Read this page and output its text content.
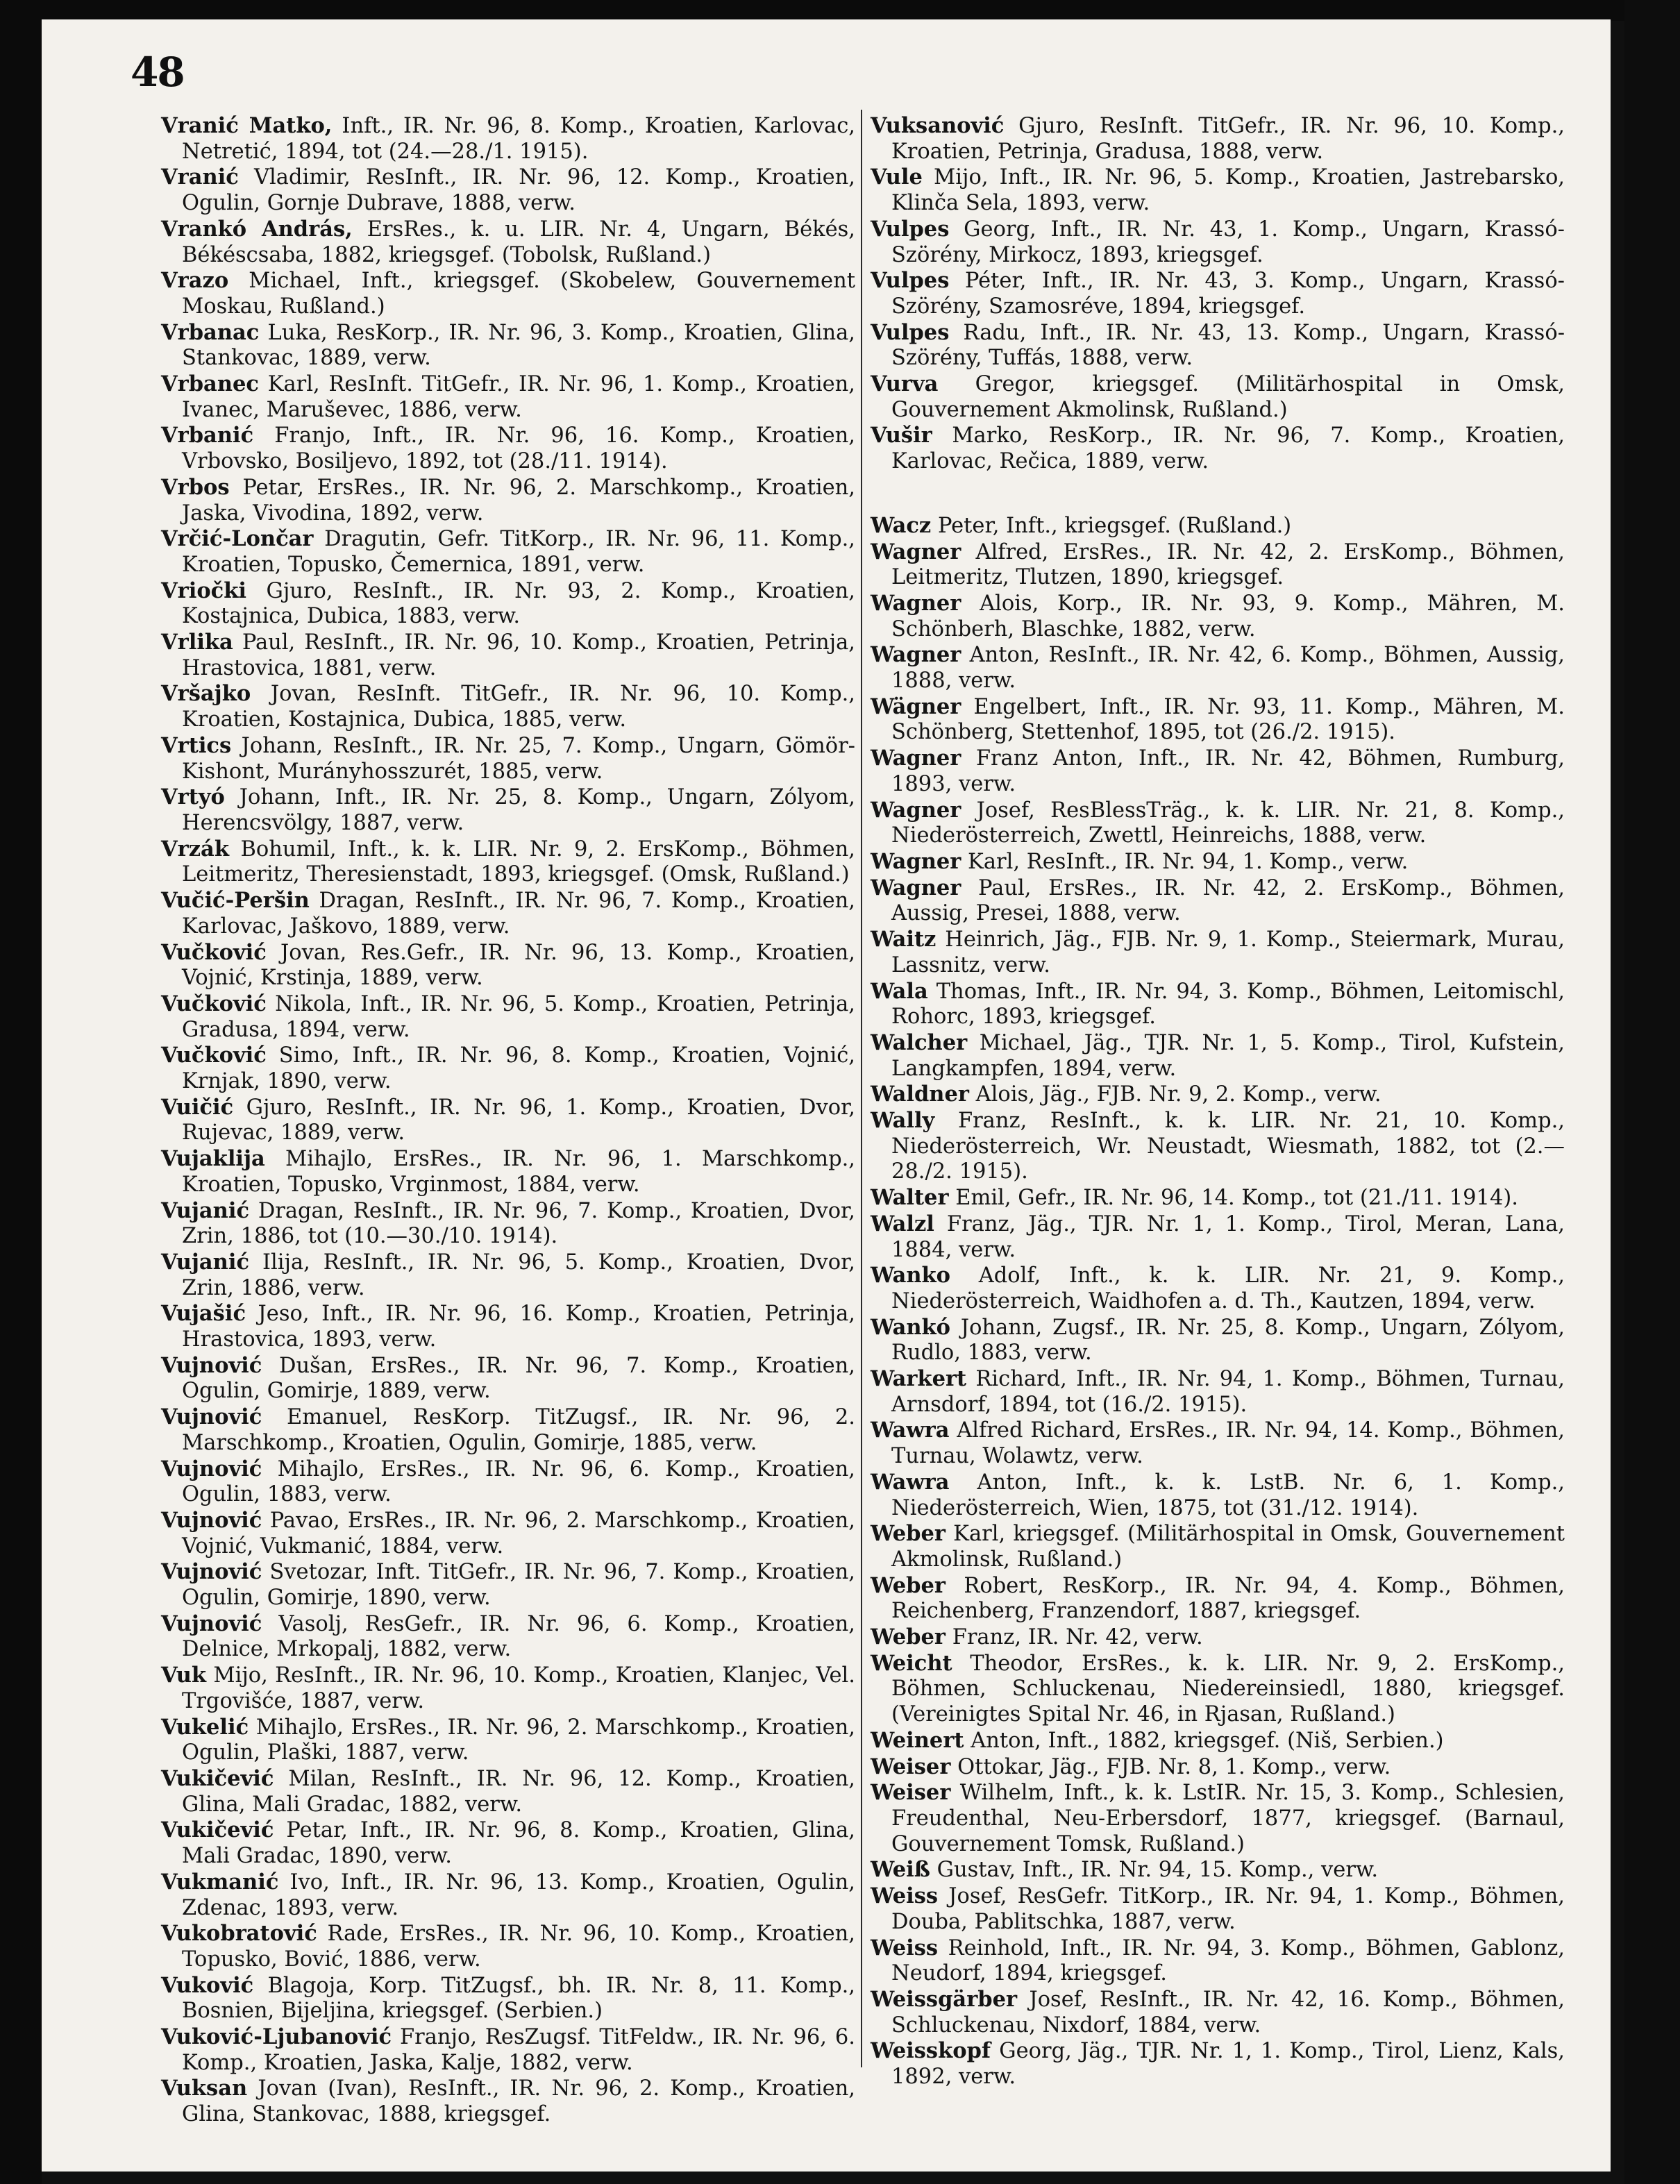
48

Vranić Matko, Inft., IR. Nr. 96, 8. Komp., Kroatien, Karlovac, Netretić, 1894, tot (24.—28./1. 1915).

Vranić Vladimir, ResInft., IR. Nr. 96, 12. Komp., Kroatien, Ogulin, Gornje Dubrave, 1888, verw.

Vrankó András, ErsRes., k. u. LIR. Nr. 4, Ungarn, Békés, Békéscsaba, 1882, kriegsgef. (Tobolsk, Rußland.)

Vrazo Michael, Inft., kriegsgef. (Skobelew, Gouvernement Moskau, Rußland.)

Vrbanac Luka, ResKorp., IR. Nr. 96, 3. Komp., Kroatien, Glina, Stankovac, 1889, verw.

Vrbanec Karl, ResInft. TitGefr., IR. Nr. 96, 1. Komp., Kroatien, Ivanec, Maruševec, 1886, verw.

Vrbanić Franjo, Inft., IR. Nr. 96, 16. Komp., Kroatien, Vrbovsko, Bosiljevo, 1892, tot (28./11. 1914).

Vrbos Petar, ErsRes., IR. Nr. 96, 2. Marschkomp., Kroatien, Jaska, Vivodina, 1892, verw.

Vrčić-Lončar Dragutin, Gefr. TitKorp., IR. Nr. 96, 11. Komp., Kroatien, Topusko, Čemernica, 1891, verw.

Vriočki Gjuro, ResInft., IR. Nr. 93, 2. Komp., Kroatien, Kostajnica, Dubica, 1883, verw.

Vrlika Paul, ResInft., IR. Nr. 96, 10. Komp., Kroatien, Petrinja, Hrastovica, 1881, verw.

Vršajko Jovan, ResInft. TitGefr., IR. Nr. 96, 10. Komp., Kroatien, Kostajnica, Dubica, 1885, verw.

Vrtics Johann, ResInft., IR. Nr. 25, 7. Komp., Ungarn, Gömör-Kishont, Murányhosszurét, 1885, verw.

Vrtyó Johann, Inft., IR. Nr. 25, 8. Komp., Ungarn, Zólyom, Herencsvölgy, 1887, verw.

Vrzák Bohumil, Inft., k. k. LIR. Nr. 9, 2. ErsKomp., Böhmen, Leitmeritz, Theresienstadt, 1893, kriegsgef. (Omsk, Rußland.)

Vučić-Peršin Dragan, ResInft., IR. Nr. 96, 7. Komp., Kroatien, Karlovac, Jaškovo, 1889, verw.

Vučković Jovan, Res.Gefr., IR. Nr. 96, 13. Komp., Kroatien, Vojnić, Krstinja, 1889, verw.

Vučković Nikola, Inft., IR. Nr. 96, 5. Komp., Kroatien, Petrinja, Gradusa, 1894, verw.

Vučković Simo, Inft., IR. Nr. 96, 8. Komp., Kroatien, Vojnić, Krnjak, 1890, verw.

Vuičić Gjuro, ResInft., IR. Nr. 96, 1. Komp., Kroatien, Dvor, Rujevac, 1889, verw.

Vujaklija Mihajlo, ErsRes., IR. Nr. 96, 1. Marschkomp., Kroatien, Topusko, Vrginmost, 1884, verw.

Vujanić Dragan, ResInft., IR. Nr. 96, 7. Komp., Kroatien, Dvor, Zrin, 1886, tot (10.—30./10. 1914).

Vujanić Ilija, ResInft., IR. Nr. 96, 5. Komp., Kroatien, Dvor, Zrin, 1886, verw.

Vujašić Jeso, Inft., IR. Nr. 96, 16. Komp., Kroatien, Petrinja, Hrastovica, 1893, verw.

Vujnović Dušan, ErsRes., IR. Nr. 96, 7. Komp., Kroatien, Ogulin, Gomirje, 1889, verw.

Vujnović Emanuel, ResKorp. TitZugsf., IR. Nr. 96, 2. Marschkomp., Kroatien, Ogulin, Gomirje, 1885, verw.

Vujnović Mihajlo, ErsRes., IR. Nr. 96, 6. Komp., Kroatien, Ogulin, 1883, verw.

Vujnović Pavao, ErsRes., IR. Nr. 96, 2. Marschkomp., Kroatien, Vojnić, Vukmanić, 1884, verw.

Vujnović Svetozar, Inft. TitGefr., IR. Nr. 96, 7. Komp., Kroatien, Ogulin, Gomirje, 1890, verw.

Vujnović Vasolj, ResGefr., IR. Nr. 96, 6. Komp., Kroatien, Delnice, Mrkopalj, 1882, verw.

Vuk Mijo, ResInft., IR. Nr. 96, 10. Komp., Kroatien, Klanjec, Vel. Trgovišće, 1887, verw.

Vukelić Mihajlo, ErsRes., IR. Nr. 96, 2. Marschkomp., Kroatien, Ogulin, Plaški, 1887, verw.

Vukičević Milan, ResInft., IR. Nr. 96, 12. Komp., Kroatien, Glina, Mali Gradac, 1882, verw.

Vukičević Petar, Inft., IR. Nr. 96, 8. Komp., Kroatien, Glina, Mali Gradac, 1890, verw.

Vukmanić Ivo, Inft., IR. Nr. 96, 13. Komp., Kroatien, Ogulin, Zdenac, 1893, verw.

Vukobratović Rade, ErsRes., IR. Nr. 96, 10. Komp., Kroatien, Topusko, Bović, 1886, verw.

Vuković Blagoja, Korp. TitZugsf., bh. IR. Nr. 8, 11. Komp., Bosnien, Bijeljina, kriegsgef. (Serbien.)

Vuković-Ljubanović Franjo, ResZugsf. TitFeldw., IR. Nr. 96, 6. Komp., Kroatien, Jaska, Kalje, 1882, verw.

Vuksan Jovan (Ivan), ResInft., IR. Nr. 96, 2. Komp., Kroatien, Glina, Stankovac, 1888, kriegsgef.

Vuksanović Gjuro, ResInft. TitGefr., IR. Nr. 96, 10. Komp., Kroatien, Petrinja, Gradusa, 1888, verw.

Vule Mijo, Inft., IR. Nr. 96, 5. Komp., Kroatien, Jastrebarsko, Klinča Sela, 1893, verw.

Vulpes Georg, Inft., IR. Nr. 43, 1. Komp., Ungarn, Krassó-Szörény, Mirkocz, 1893, kriegsgef.

Vulpes Péter, Inft., IR. Nr. 43, 3. Komp., Ungarn, Krassó-Szörény, Szamosréve, 1894, kriegsgef.

Vulpes Radu, Inft., IR. Nr. 43, 13. Komp., Ungarn, Krassó-Szörény, Tuffás, 1888, verw.

Vurva Gregor, kriegsgef. (Militärhospital in Omsk, Gouvernement Akmolinsk, Rußland.)

Vušir Marko, ResKorp., IR. Nr. 96, 7. Komp., Kroatien, Karlovac, Rečica, 1889, verw.

Wacz Peter, Inft., kriegsgef. (Rußland.)

Wagner Alfred, ErsRes., IR. Nr. 42, 2. ErsKomp., Böhmen, Leitmeritz, Tlutzen, 1890, kriegsgef.

Wagner Alois, Korp., IR. Nr. 93, 9. Komp., Mähren, M. Schönberh, Blaschke, 1882, verw.

Wagner Anton, ResInft., IR. Nr. 42, 6. Komp., Böhmen, Aussig, 1888, verw.

Wägner Engelbert, Inft., IR. Nr. 93, 11. Komp., Mähren, M. Schönberg, Stettenhof, 1895, tot (26./2. 1915).

Wagner Franz Anton, Inft., IR. Nr. 42, Böhmen, Rumburg, 1893, verw.

Wagner Josef, ResBlessTräg., k. k. LIR. Nr. 21, 8. Komp., Niederösterreich, Zwettl, Heinreichs, 1888, verw.

Wagner Karl, ResInft., IR. Nr. 94, 1. Komp., verw.

Wagner Paul, ErsRes., IR. Nr. 42, 2. ErsKomp., Böhmen, Aussig, Presei, 1888, verw.

Waitz Heinrich, Jäg., FJB. Nr. 9, 1. Komp., Steiermark, Murau, Lassnitz, verw.

Wala Thomas, Inft., IR. Nr. 94, 3. Komp., Böhmen, Leitomischl, Rohorc, 1893, kriegsgef.

Walcher Michael, Jäg., TJR. Nr. 1, 5. Komp., Tirol, Kufstein, Langkampfen, 1894, verw.

Waldner Alois, Jäg., FJB. Nr. 9, 2. Komp., verw.

Wally Franz, ResInft., k. k. LIR. Nr. 21, 10. Komp., Niederösterreich, Wr. Neustadt, Wiesmath, 1882, tot (2.—28./2. 1915).

Walter Emil, Gefr., IR. Nr. 96, 14. Komp., tot (21./11. 1914).

Walzl Franz, Jäg., TJR. Nr. 1, 1. Komp., Tirol, Meran, Lana, 1884, verw.

Wanko Adolf, Inft., k. k. LIR. Nr. 21, 9. Komp., Niederösterreich, Waidhofen a. d. Th., Kautzen, 1894, verw.

Wankó Johann, Zugsf., IR. Nr. 25, 8. Komp., Ungarn, Zólyom, Rudlo, 1883, verw.

Warkert Richard, Inft., IR. Nr. 94, 1. Komp., Böhmen, Turnau, Arnsdorf, 1894, tot (16./2. 1915).

Wawra Alfred Richard, ErsRes., IR. Nr. 94, 14. Komp., Böhmen, Turnau, Wolawtz, verw.

Wawra Anton, Inft., k. k. LstB. Nr. 6, 1. Komp., Niederösterreich, Wien, 1875, tot (31./12. 1914).

Weber Karl, kriegsgef. (Militärhospital in Omsk, Gouvernement Akmolinsk, Rußland.)

Weber Robert, ResKorp., IR. Nr. 94, 4. Komp., Böhmen, Reichenberg, Franzendorf, 1887, kriegsgef.

Weber Franz, IR. Nr. 42, verw.

Weicht Theodor, ErsRes., k. k. LIR. Nr. 9, 2. ErsKomp., Böhmen, Schluckenau, Niedereinsiedl, 1880, kriegsgef. (Vereinigtes Spital Nr. 46, in Rjasan, Rußland.)

Weinert Anton, Inft., 1882, kriegsgef. (Niš, Serbien.)

Weiser Ottokar, Jäg., FJB. Nr. 8, 1. Komp., verw.

Weiser Wilhelm, Inft., k. k. LstIR. Nr. 15, 3. Komp., Schlesien, Freudenthal, Neu-Erbersdorf, 1877, kriegsgef. (Barnaul, Gouvernement Tomsk, Rußland.)

Weiß Gustav, Inft., IR. Nr. 94, 15. Komp., verw.

Weiss Josef, ResGefr. TitKorp., IR. Nr. 94, 1. Komp., Böhmen, Douba, Pablitschka, 1887, verw.

Weiss Reinhold, Inft., IR. Nr. 94, 3. Komp., Böhmen, Gablonz, Neudorf, 1894, kriegsgef.

Weissgärber Josef, ResInft., IR. Nr. 42, 16. Komp., Böhmen, Schluckenau, Nixdorf, 1884, verw.

Weisskopf Georg, Jäg., TJR. Nr. 1, 1. Komp., Tirol, Lienz, Kals, 1892, verw.
